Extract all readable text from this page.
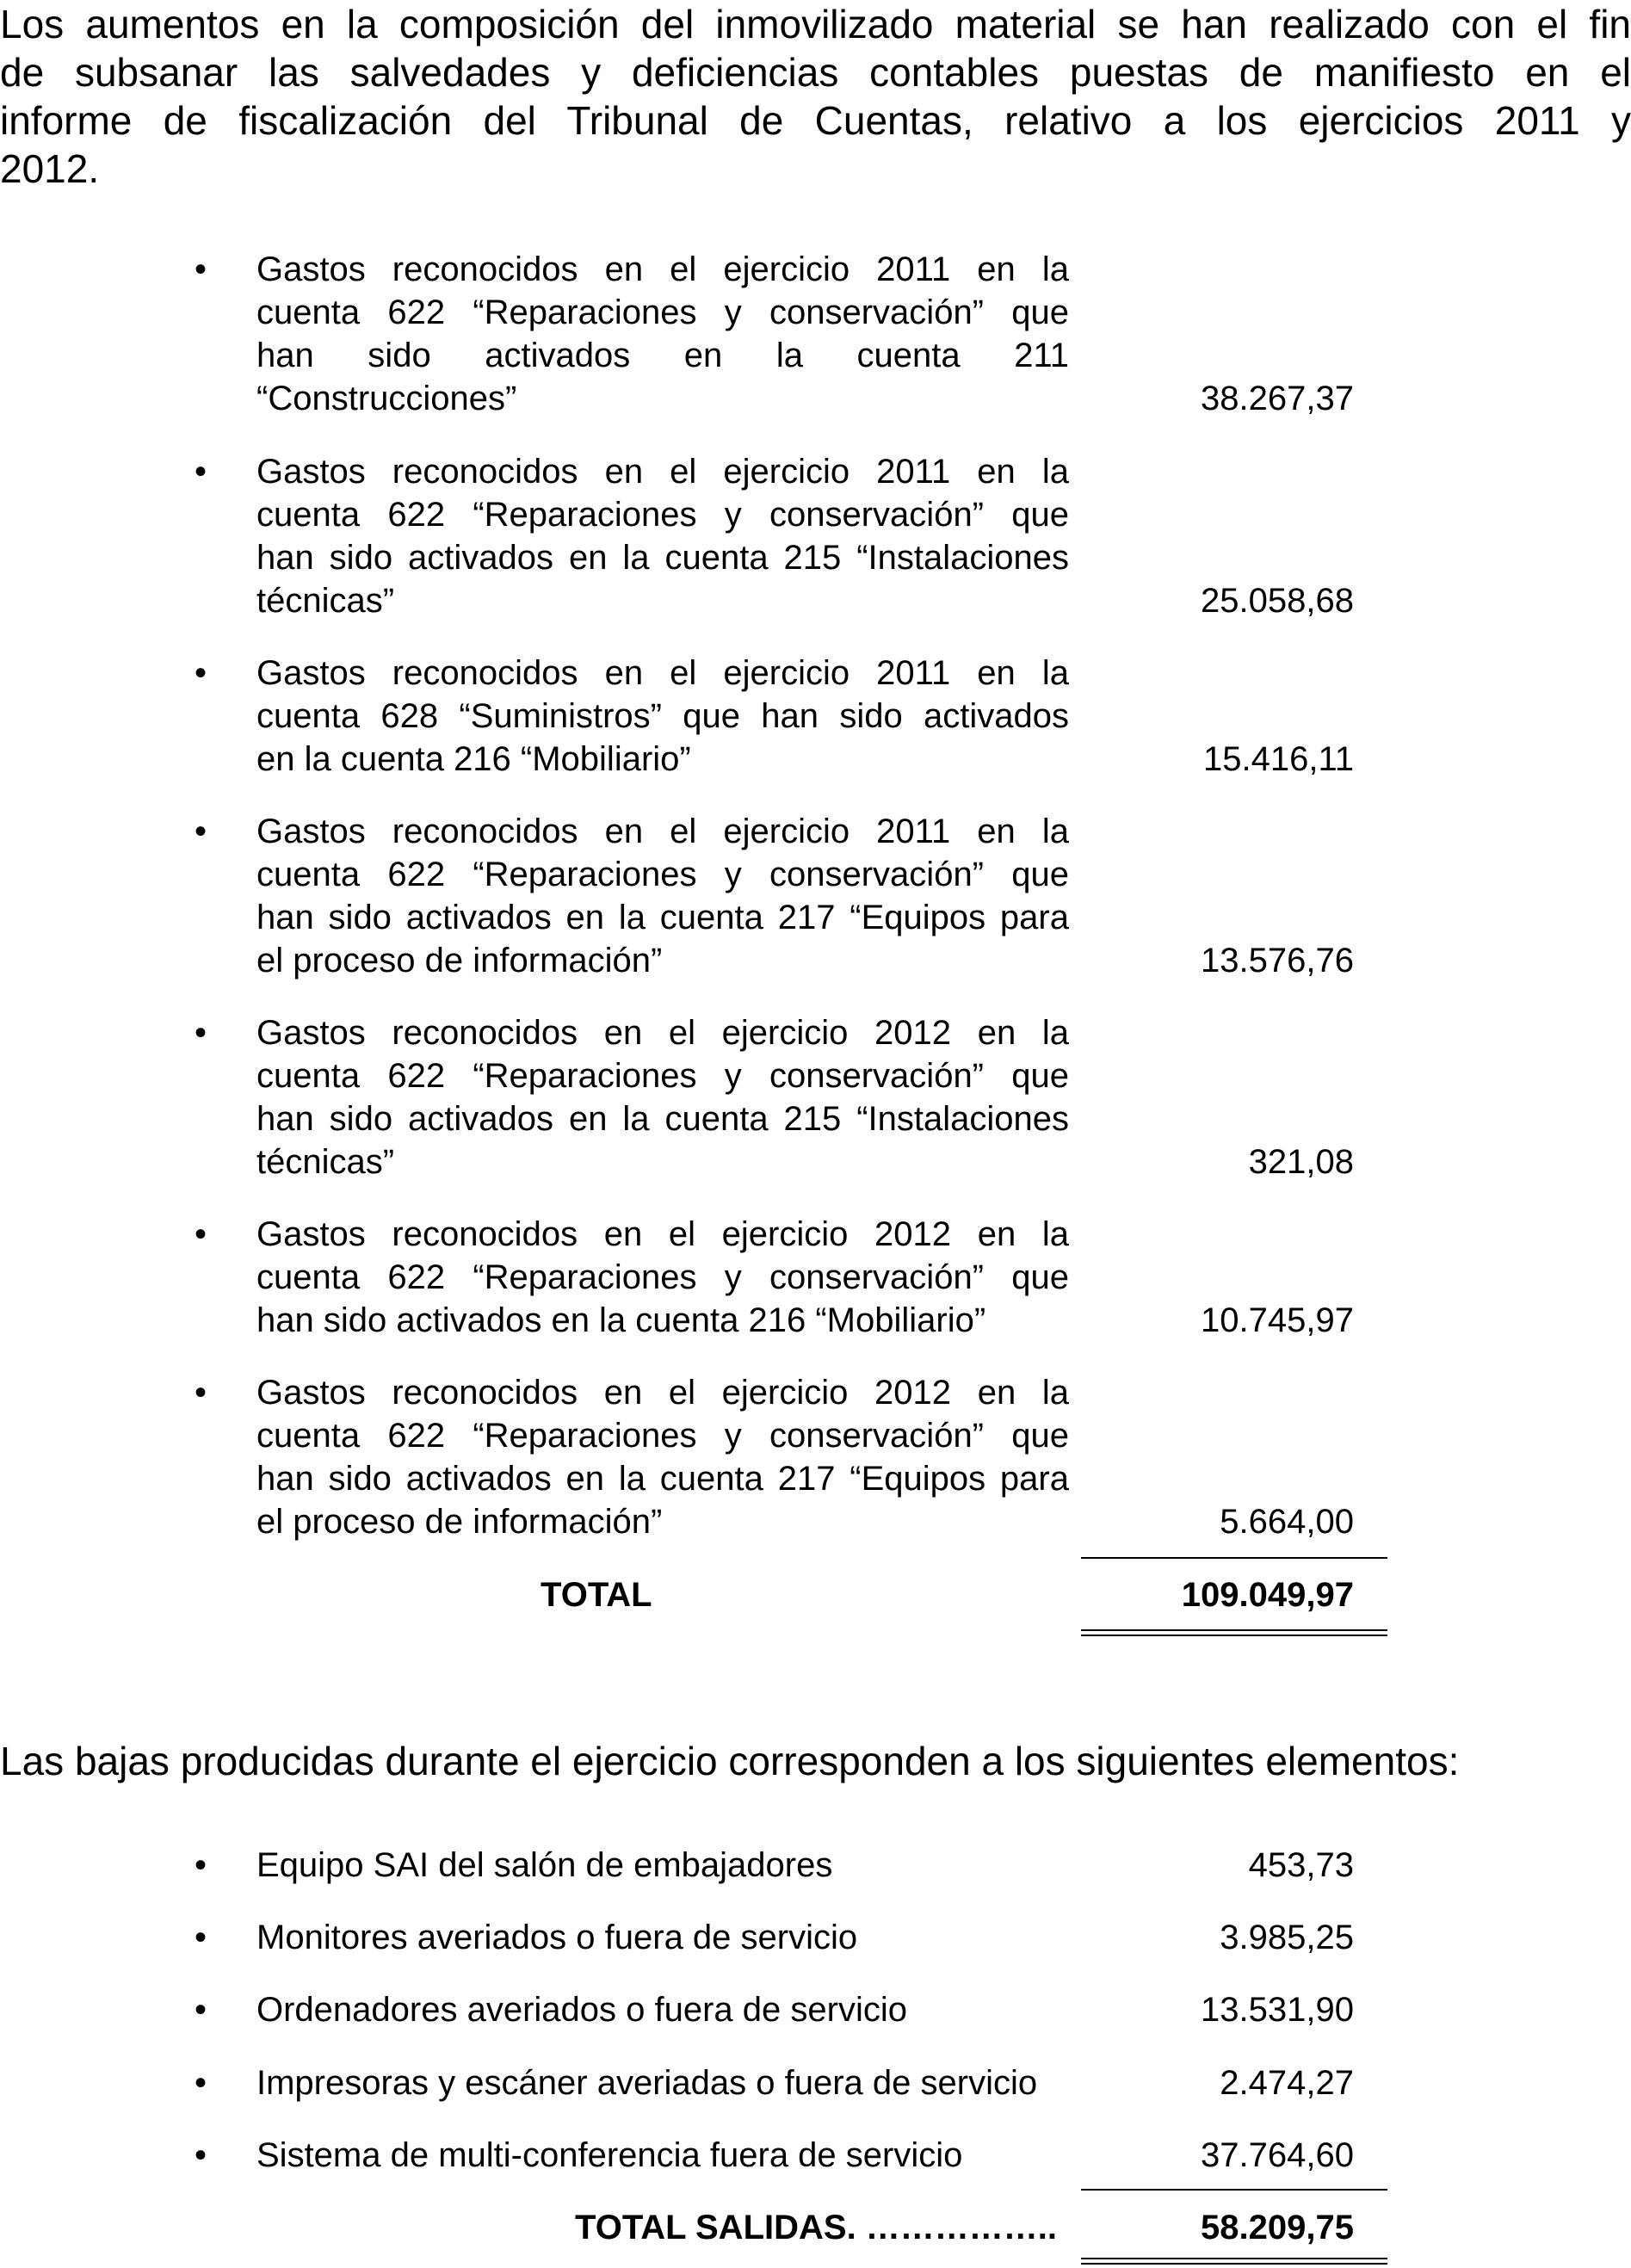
Los aumentos en la composición del inmovilizado material se han realizado con el fin
de subsanar las salvedades y deficiencias contables puestas de manifiesto en el
informe de fiscalización del Tribunal de Cuentas, relativo a los ejercicios 2011 y
2012.

•	Gastos reconocidos en el ejercicio 2011 en la
cuenta 622 “Reparaciones y conservación” que
han sido activados en la cuenta 211
“Construcciones”	38.267,37
•	Gastos reconocidos en el ejercicio 2011 en la
cuenta 622 “Reparaciones y conservación” que
han sido activados en la cuenta 215 “Instalaciones
técnicas”	25.058,68
•	Gastos reconocidos en el ejercicio 2011 en la
cuenta 628 “Suministros” que han sido activados
en la cuenta 216 “Mobiliario”	15.416,11
•	Gastos reconocidos en el ejercicio 2011 en la
cuenta 622 “Reparaciones y conservación” que
han sido activados en la cuenta 217 “Equipos para
el proceso de información”	13.576,76
•	Gastos reconocidos en el ejercicio 2012 en la
cuenta 622 “Reparaciones y conservación” que
han sido activados en la cuenta 215 “Instalaciones
técnicas”	321,08
•	Gastos reconocidos en el ejercicio 2012 en la
cuenta 622 “Reparaciones y conservación” que
han sido activados en la cuenta 216 “Mobiliario”	10.745,97
•	Gastos reconocidos en el ejercicio 2012 en la
cuenta 622 “Reparaciones y conservación” que
han sido activados en la cuenta 217 “Equipos para
el proceso de información”	5.664,00
TOTAL	109.049,97
Las bajas producidas durante el ejercicio corresponden a los siguientes elementos:
•	Equipo SAI del salón de embajadores	453,73
•	Monitores averiados o fuera de servicio	3.985,25
•	Ordenadores averiados o fuera de servicio	13.531,90
•	Impresoras y escáner averiadas o fuera de servicio	2.474,27
•	Sistema de multi-conferencia fuera de servicio	37.764,60
TOTAL SALIDAS. ……………..	58.209,75
